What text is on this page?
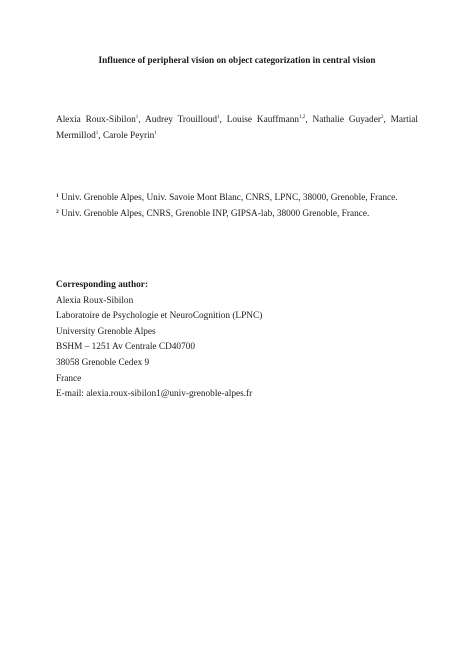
Influence of peripheral vision on object categorization in central vision
Alexia Roux-Sibilon$^1$, Audrey Trouilloud$^1$, Louise Kauffmann$^{1,2}$, Nathalie Guyader$^2$, Martial Mermillod$^1$, Carole Peyrin$^1$
$^1$ Univ. Grenoble Alpes, Univ. Savoie Mont Blanc, CNRS, LPNC, 38000, Grenoble, France.
$^2$ Univ. Grenoble Alpes, CNRS, Grenoble INP, GIPSA-lab, 38000 Grenoble, France.
Corresponding author:
Alexia Roux-Sibilon
Laboratoire de Psychologie et NeuroCognition (LPNC)
University Grenoble Alpes
BSHM – 1251 Av Centrale CD40700
38058 Grenoble Cedex 9
France
E-mail: alexia.roux-sibilon1@univ-grenoble-alpes.fr
